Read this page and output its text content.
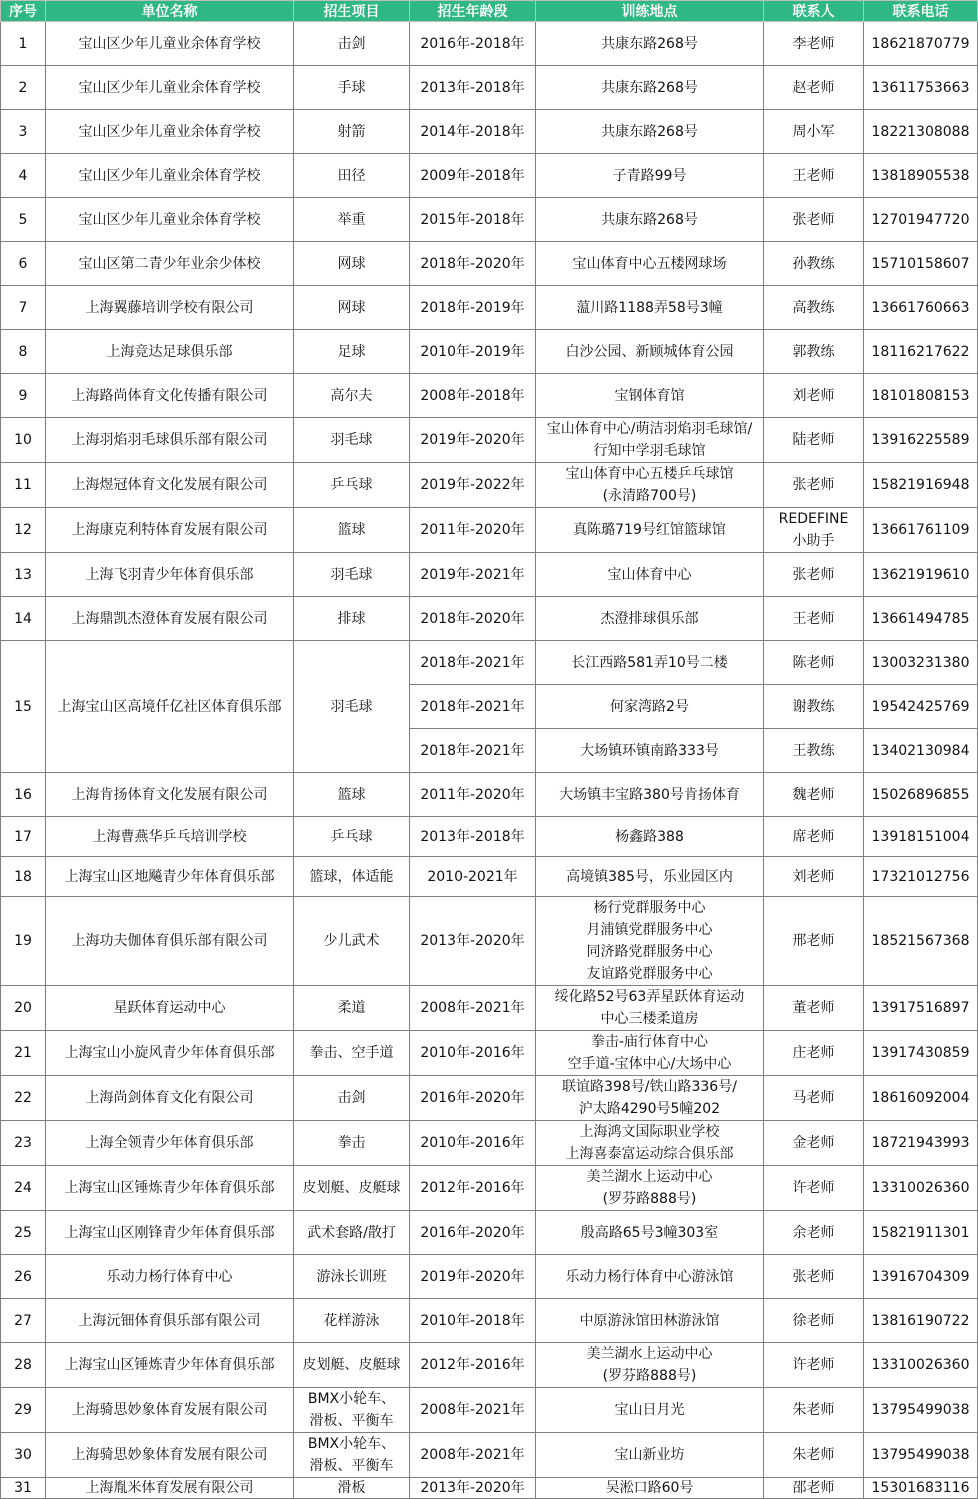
序号	单位名称	招生项目	招生年龄段	训练地点	联系人	联系电话
1	宝山区少年儿童业余体育学校	击剑	2016年-2018年	共康东路268号	李老师	18621870779
2	宝山区少年儿童业余体育学校	手球	2013年-2018年	共康东路268号	赵老师	13611753663
3	宝山区少年儿童业余体育学校	射箭	2014年-2018年	共康东路268号	周小军	18221308088
4	宝山区少年儿童业余体育学校	田径	2009年-2018年	子青路99号	王老师	13818905538
5	宝山区少年儿童业余体育学校	举重	2015年-2018年	共康东路268号	张老师	12701947720
6	宝山区第二青少年业余少体校	网球	2018年-2020年	宝山体育中心五楼网球场	孙教练	15710158607
7	上海翼藤培训学校有限公司	网球	2018年-2019年	蕰川路1188弄58号3幢	高教练	13661760663
8	上海竞达足球俱乐部	足球	2010年-2019年	白沙公园、新顾城体育公园	郭教练	18116217622
9	上海路尚体育文化传播有限公司	高尔夫	2008年-2018年	宝钢体育馆	刘老师	18101808153
10	上海羽焰羽毛球俱乐部有限公司	羽毛球	2019年-2020年	宝山体育中心/萌洁羽焰羽毛球馆/
行知中学羽毛球馆	陆老师	13916225589
11	上海煜冠体育文化发展有限公司	乒乓球	2019年-2022年	宝山体育中心五楼乒乓球馆
(永清路700号)	张老师	15821916948
12	上海康克利特体育发展有限公司	篮球	2011年-2020年	真陈璐719号红馆篮球馆	REDEFINE
小助手	13661761109
13	上海飞羽青少年体育俱乐部	羽毛球	2019年-2021年	宝山体育中心	张老师	13621919610
14	上海鼎凯杰澄体育发展有限公司	排球	2018年-2020年	杰澄排球俱乐部	王老师	13661494785
15	上海宝山区高境仟亿社区体育俱乐部	羽毛球	2018年-2021年	长江西路581弄10号二楼	陈老师	13003231380
			2018年-2021年	何家湾路2号	谢教练	19542425769
			2018年-2021年	大场镇环镇南路333号	王教练	13402130984
16	上海肯扬体育文化发展有限公司	篮球	2011年-2020年	大场镇丰宝路380号肯扬体育	魏老师	15026896855
17	上海曹燕华乒乓培训学校	乒乓球	2013年-2018年	杨鑫路388	席老师	13918151004
18	上海宝山区地飚青少年体育俱乐部	篮球，体适能	2010-2021年	高境镇385号，乐业园区内	刘老师	17321012756
19	上海功夫伽体育俱乐部有限公司	少儿武术	2013年-2020年	杨行党群服务中心
月浦镇党群服务中心
同济路党群服务中心
友谊路党群服务中心	邢老师	18521567368
20	星跃体育运动中心	柔道	2008年-2021年	绥化路52号63弄星跃体育运动
中心三楼柔道房	董老师	13917516897
21	上海宝山小旋风青少年体育俱乐部	拳击、空手道	2010年-2016年	拳击-庙行体育中心
空手道-宝体中心/大场中心	庄老师	13917430859
22	上海尚剑体育文化有限公司	击剑	2016年-2020年	联谊路398号/铁山路336号/
沪太路4290号5幢202	马老师	18616092004
23	上海全领青少年体育俱乐部	拳击	2010年-2016年	上海鸿文国际职业学校
上海喜泰富运动综合俱乐部	金老师	18721943993
24	上海宝山区锤炼青少年体育俱乐部	皮划艇、皮艇球	2012年-2016年	美兰湖水上运动中心
(罗芬路888号)	许老师	13310026360
25	上海宝山区刚锋青少年体育俱乐部	武术套路/散打	2016年-2020年	殷高路65号3幢303室	余老师	15821911301
26	乐动力杨行体育中心	游泳长训班	2019年-2020年	乐动力杨行体育中心游泳馆	张老师	13916704309
27	上海沅钿体育俱乐部有限公司	花样游泳	2010年-2018年	中原游泳馆田林游泳馆	徐老师	13816190722
28	上海宝山区锤炼青少年体育俱乐部	皮划艇、皮艇球	2012年-2016年	美兰湖水上运动中心
(罗芬路888号)	许老师	13310026360
29	上海骑思妙象体育发展有限公司	BMX小轮车、
滑板、平衡车	2008年-2021年	宝山日月光	朱老师	13795499038
30	上海骑思妙象体育发展有限公司	BMX小轮车、
滑板、平衡车	2008年-2021年	宝山新业坊	朱老师	13795499038
31	上海胤米体育发展有限公司	滑板	2013年-2020年	吴淞口路60号	邵老师	15301683116
